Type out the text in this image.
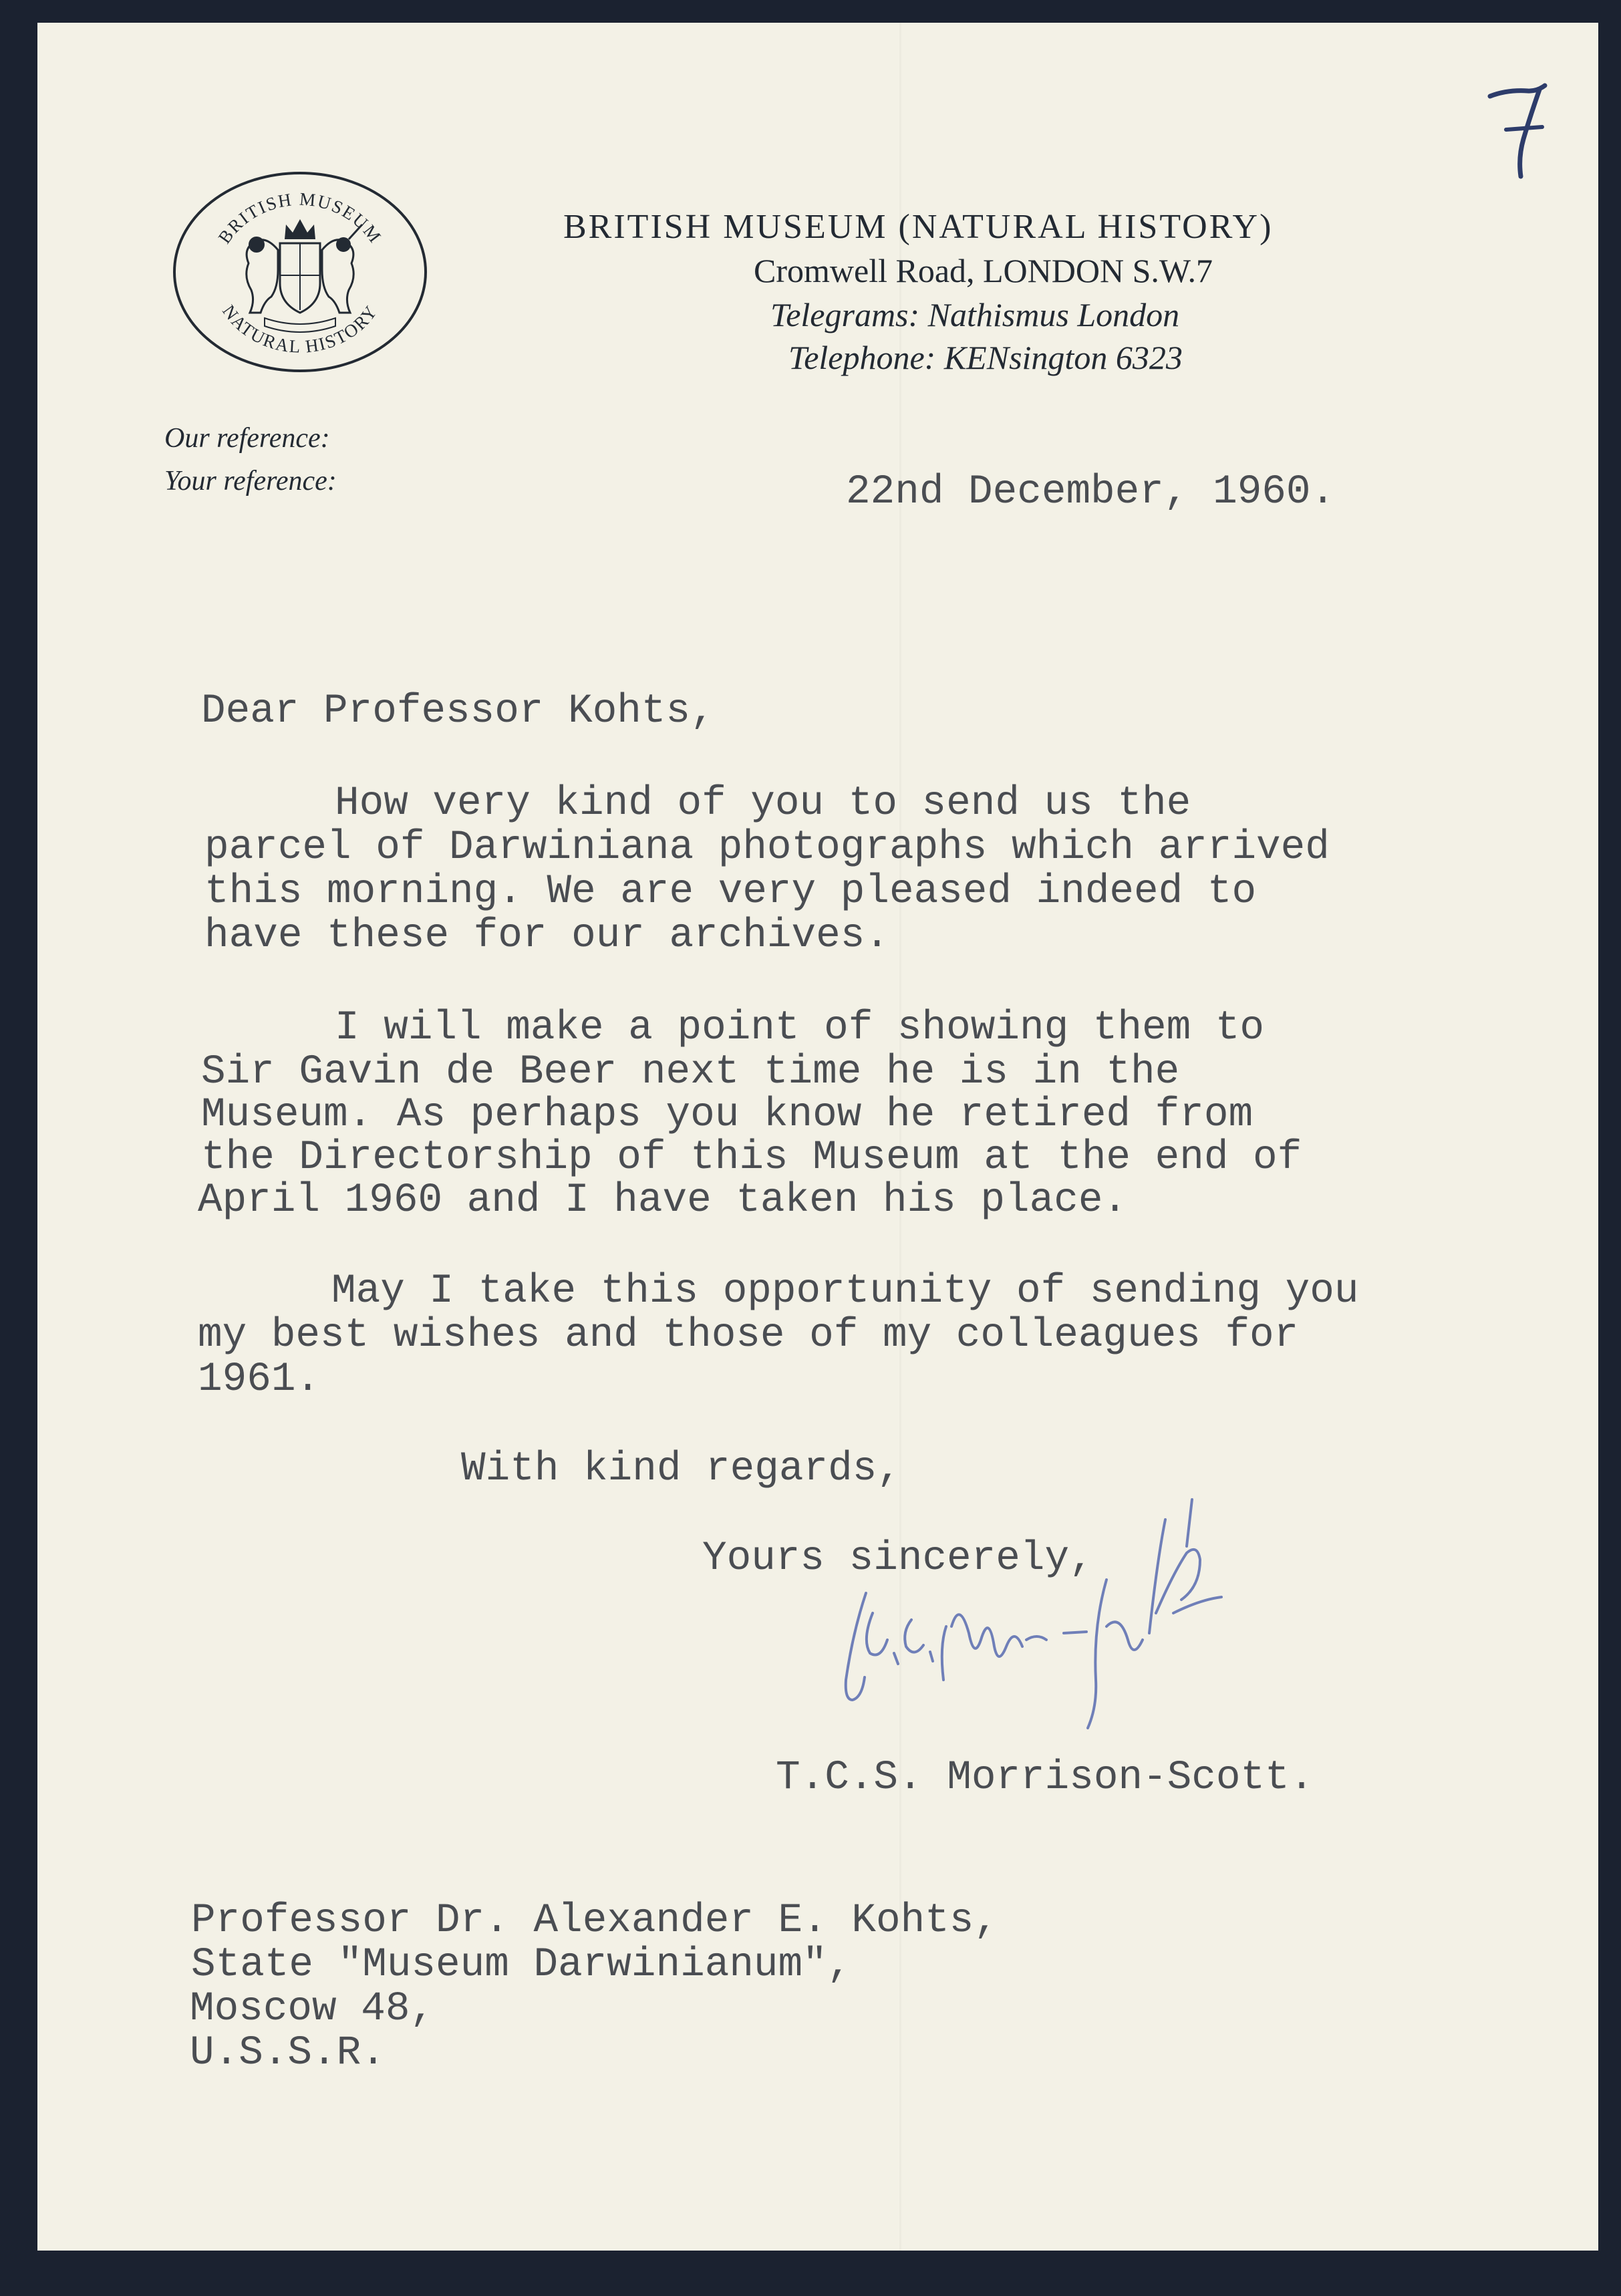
BRITISH MUSEUM
NATURAL HISTORY
BRITISH MUSEUM (NATURAL HISTORY)
Cromwell Road, LONDON S.W.7
Telegrams: Nathismus London
Telephone: KENsington 6323
Our reference:
Your reference:	22nd December, 1960.
Dear Professor Kohts,
How very kind of you to send us the
parcel of Darwiniana photographs which arrived
this morning. We are very pleased indeed to
have these for our archives.
I will make a point of showing them to
Sir Gavin de Beer next time he is in the
Museum. As perhaps you know he retired from
the Directorship of this Museum at the end of
April 1960 and I have taken his place.
May I take this opportunity of sending you
my best wishes and those of my colleagues for
1961.
With kind regards,
Yours sincerely,
T.C.S. Morrison-Scott.
Professor Dr. Alexander E. Kohts,
State "Museum Darwinianum",
Moscow 48,
U.S.S.R.
